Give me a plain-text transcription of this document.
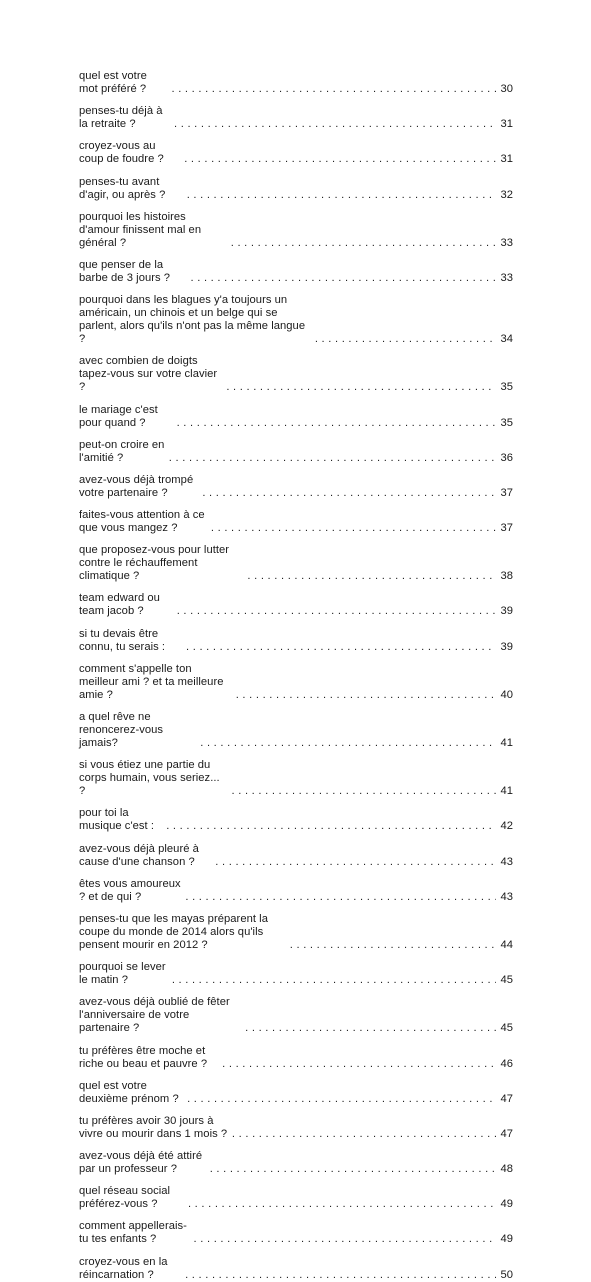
quel est votre mot préféré ? . . .	30
penses-tu déjà à la retraite ? . . .	31
croyez-vous au coup de foudre ? . . .	31
penses-tu avant d'agir, ou après ? . . .	32
pourquoi les histoires d'amour finissent mal en général ? . . .	33
que penser de la barbe de 3 jours ? . . .	33
pourquoi dans les blagues y'a toujours un américain, un chinois et un belge qui se parlent, alors qu'ils n'ont pas la même langue ? . . .	34
avec combien de doigts tapez-vous sur votre clavier ? . . .	35
le mariage c'est pour quand ? . . .	35
peut-on croire en l'amitié ? . . .	36
avez-vous déjà trompé votre partenaire ? . . .	37
faites-vous attention à ce que vous mangez ? . . .	37
que proposez-vous pour lutter contre le réchauffement climatique ? . . .	38
team edward ou team jacob ? . . .	39
si tu devais être connu, tu serais : . . .	39
comment s'appelle ton meilleur ami ? et ta meilleure amie ? . . .	40
a quel rêve ne renoncerez-vous jamais? . . .	41
si vous étiez une partie du corps humain, vous seriez... ? . . .	41
pour toi la musique c'est : . . .	42
avez-vous déjà pleuré à cause d'une chanson ? . . .	43
êtes vous amoureux ? et de qui ? . . .	43
penses-tu que les mayas préparent la coupe du monde de 2014 alors qu'ils pensent mourir en 2012 ? . . .	44
pourquoi se lever le matin ? . . .	45
avez-vous déjà oublié de fêter l'anniversaire de votre partenaire ? . . .	45
tu préfères être moche et riche ou beau et pauvre ? . . .	46
quel est votre deuxième prénom ? . . .	47
tu préfères avoir 30 jours à vivre ou mourir dans 1 mois ? . . .	47
avez-vous déjà été attiré par un professeur ? . . .	48
quel réseau social préférez-vous ? . . .	49
comment appellerais-tu tes enfants ? . . .	49
croyez-vous en la réincarnation ? . . .	50
